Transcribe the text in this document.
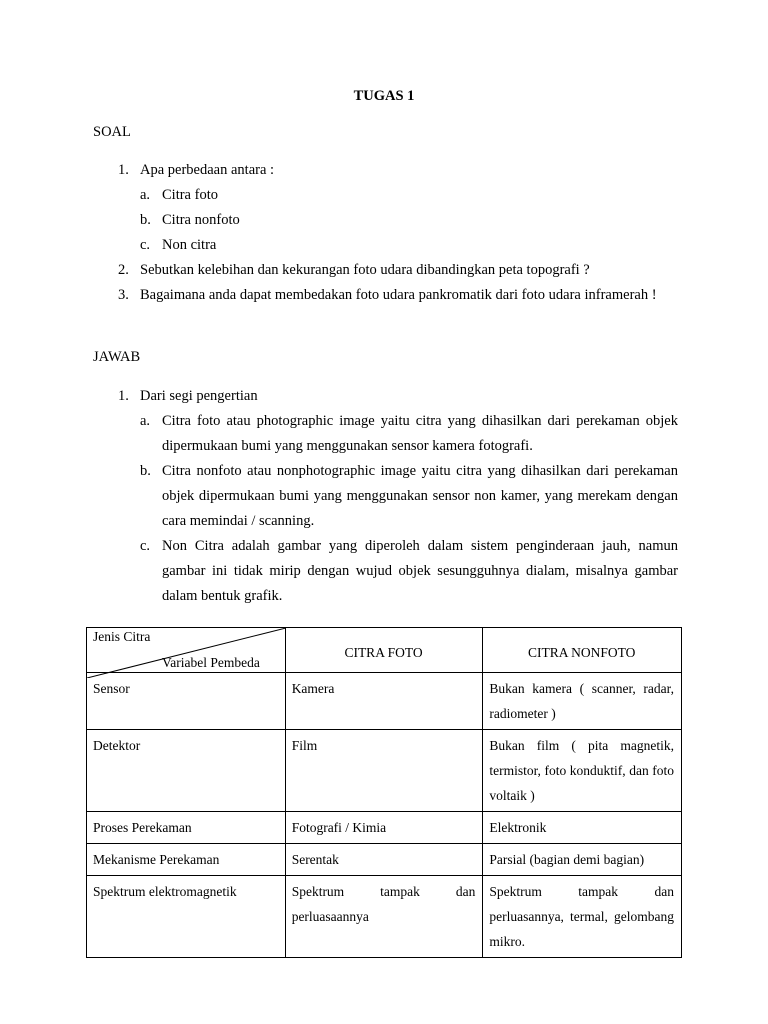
TUGAS 1
SOAL
1. Apa perbedaan antara :
a. Citra foto
b. Citra nonfoto
c. Non citra
2. Sebutkan kelebihan dan kekurangan foto udara dibandingkan peta topografi ?
3. Bagaimana anda dapat membedakan foto udara pankromatik dari foto udara inframerah !
JAWAB
1. Dari segi pengertian
a. Citra foto atau photographic image yaitu citra yang dihasilkan dari perekaman objek dipermukaan bumi yang menggunakan sensor kamera fotografi.
b. Citra nonfoto atau nonphotographic image yaitu citra yang dihasilkan dari perekaman objek dipermukaan bumi yang menggunakan sensor non kamer, yang merekam dengan cara memindai / scanning.
c. Non Citra adalah gambar yang diperoleh dalam sistem penginderaan jauh, namun gambar ini tidak mirip dengan wujud objek sesungguhnya dialam, misalnya gambar dalam bentuk grafik.
Jenis Citra
Variabel Pembeda	CITRA FOTO	CITRA NONFOTO
Sensor	Kamera	Bukan kamera ( scanner, radar, radiometer )
Detektor	Film	Bukan film ( pita magnetik, termistor, foto konduktif, dan foto voltaik )
Proses Perekaman	Fotografi / Kimia	Elektronik
Mekanisme Perekaman	Serentak	Parsial (bagian demi bagian)
Spektrum elektromagnetik	Spektrum tampak dan perluasaannya	Spektrum tampak dan perluasannya, termal, gelombang mikro.
